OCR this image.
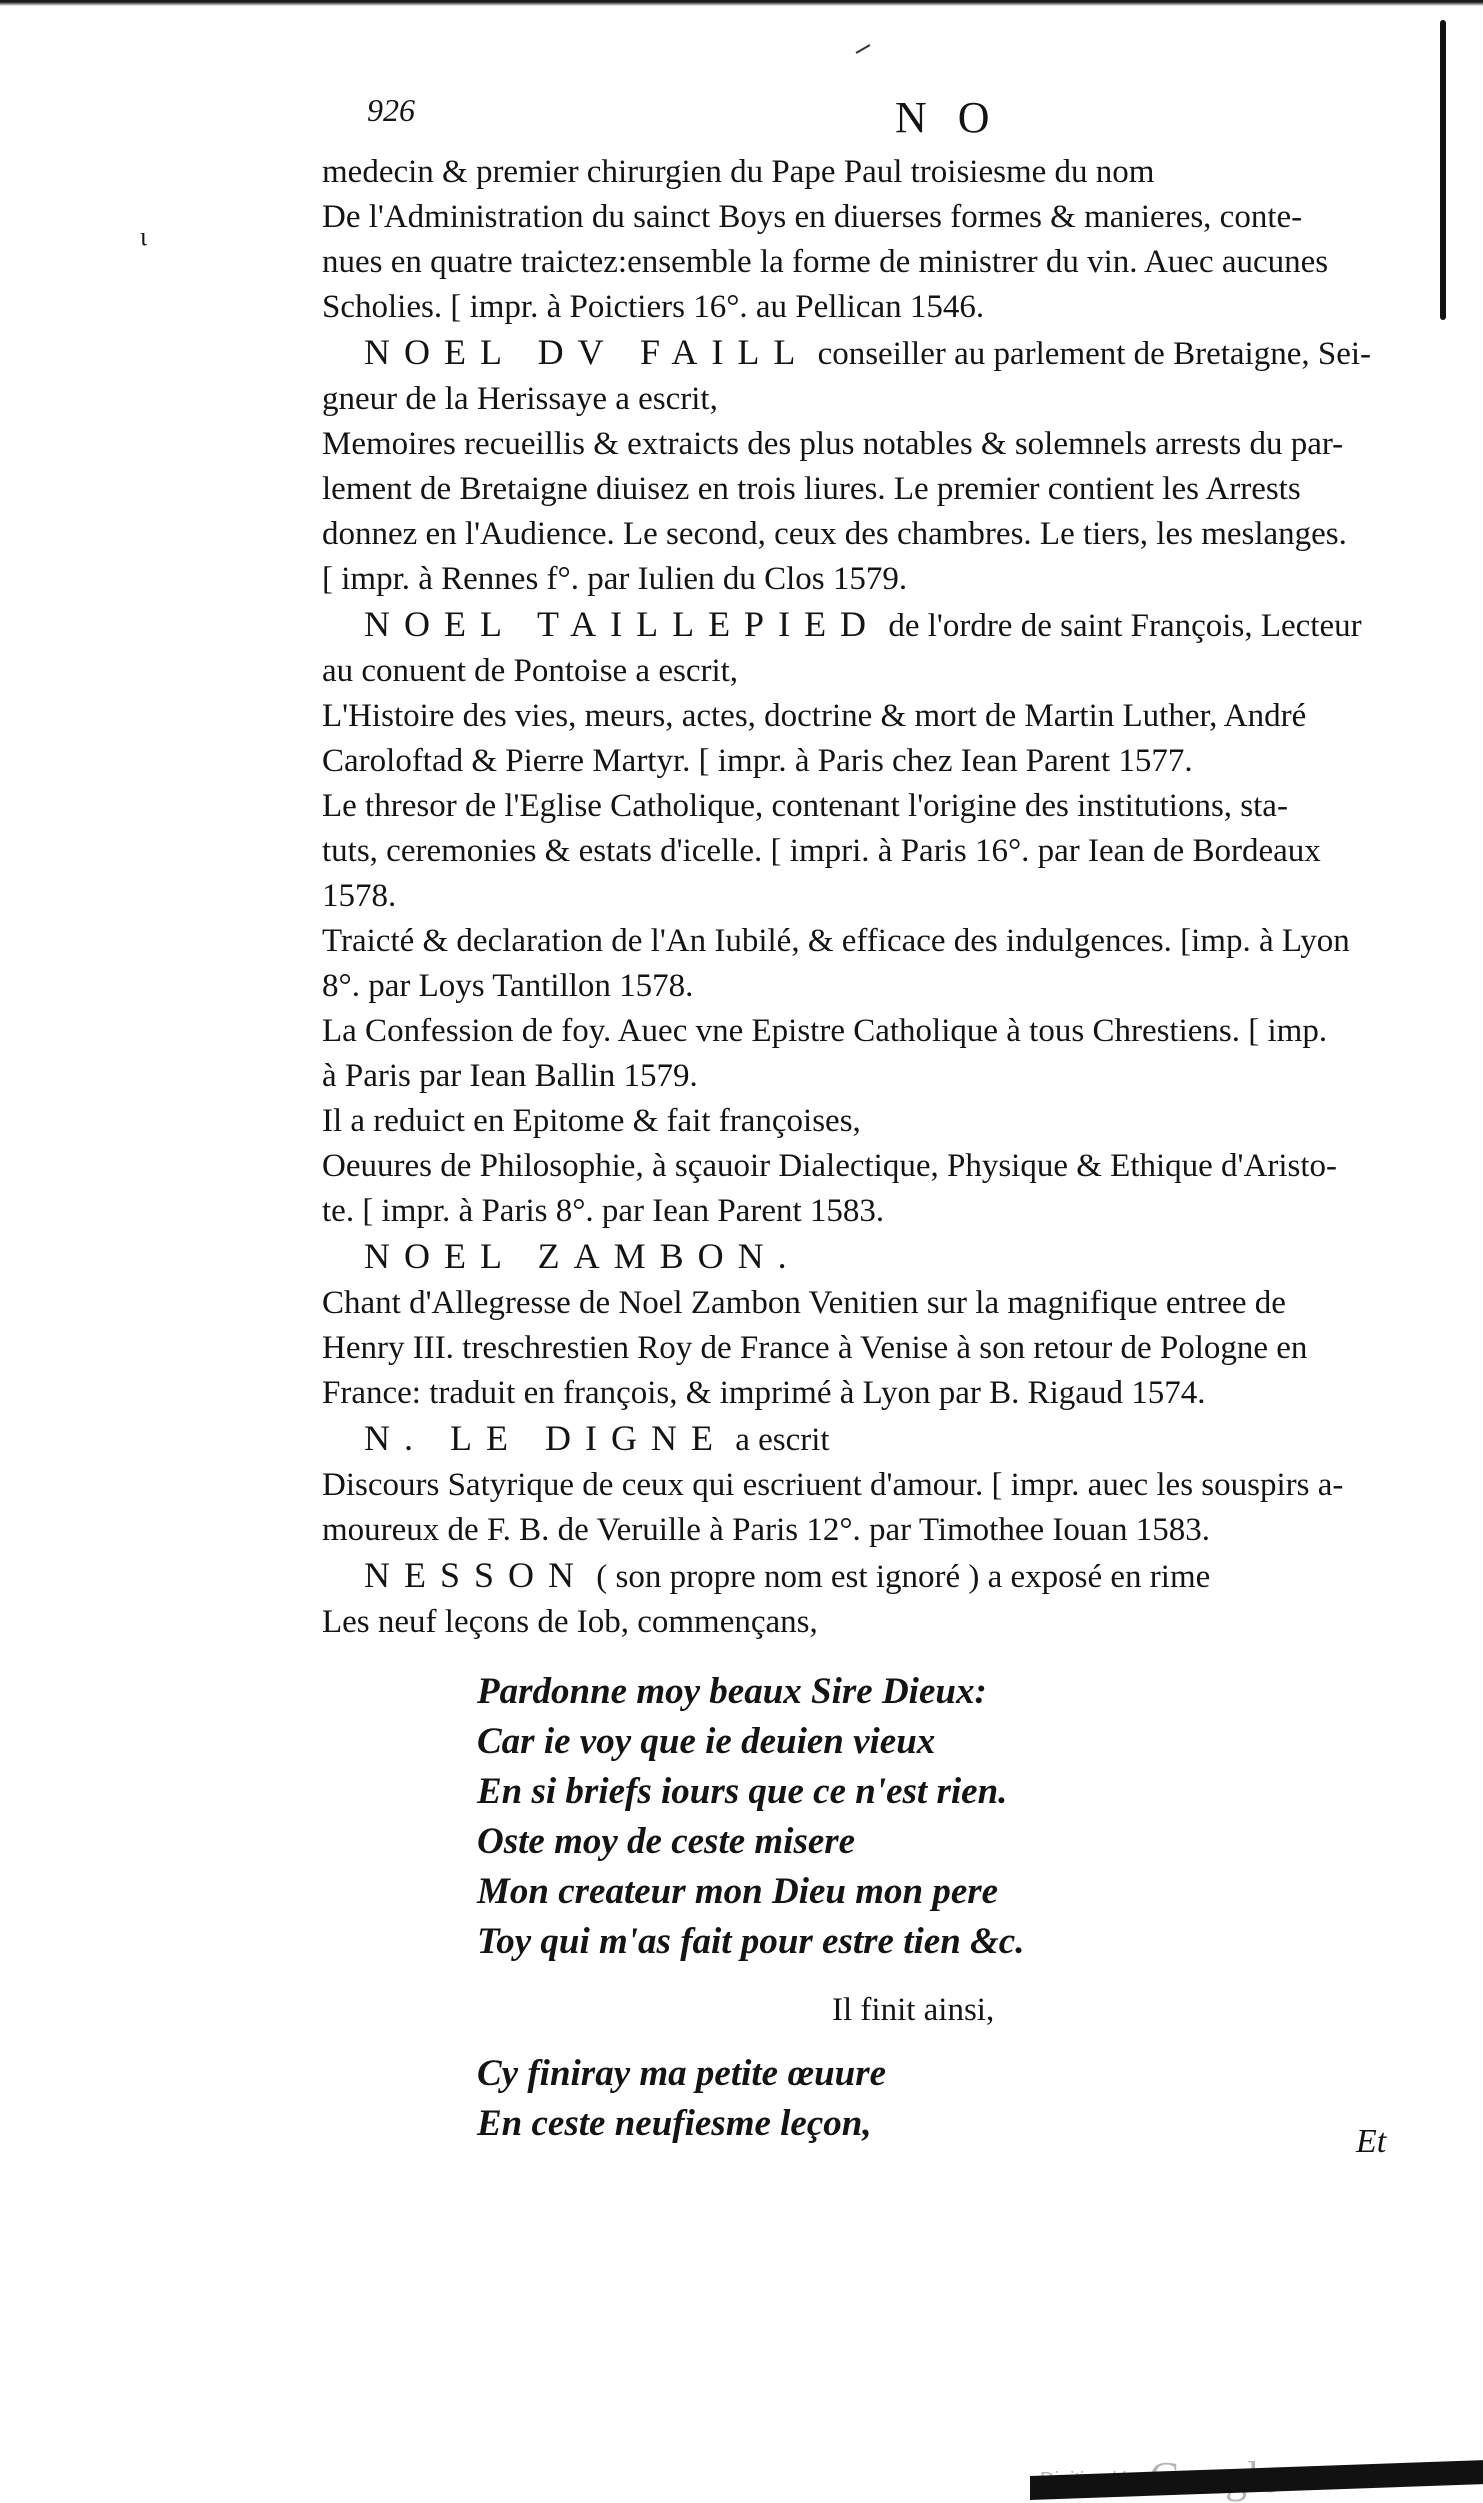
ι
926	N O
medecin & premier chirurgien du Pape Paul troisiesme du nom
De l'Administration du sainct Boys en diuerses formes & manieres, conte-
nues en quatre traictez:ensemble la forme de ministrer du vin. Auec aucunes
Scholies. [ impr. à Poictiers 16°. au Pellican 1546.
NOEL DV FAILL conseiller au parlement de Bretaigne, Sei-
gneur de la Herissaye a escrit,
Memoires recueillis & extraicts des plus notables & solemnels arrests du par-
lement de Bretaigne diuisez en trois liures. Le premier contient les Arrests
donnez en l'Audience. Le second, ceux des chambres. Le tiers, les meslanges.
[ impr. à Rennes f°. par Iulien du Clos 1579.
NOEL TAILLEPIED de l'ordre de saint François, Lecteur
au conuent de Pontoise a escrit,
L'Histoire des vies, meurs, actes, doctrine & mort de Martin Luther, André
Caroloftad & Pierre Martyr. [ impr. à Paris chez Iean Parent 1577.
Le thresor de l'Eglise Catholique, contenant l'origine des institutions, sta-
tuts, ceremonies & estats d'icelle. [ impri. à Paris 16°. par Iean de Bordeaux
1578.
Traicté & declaration de l'An Iubilé, & efficace des indulgences. [imp. à Lyon
8°. par Loys Tantillon 1578.
La Confession de foy. Auec vne Epistre Catholique à tous Chrestiens. [ imp.
à Paris par Iean Ballin 1579.
Il a reduict en Epitome & fait françoises,
Oeuures de Philosophie, à sçauoir Dialectique, Physique & Ethique d'Aristo-
te. [ impr. à Paris 8°. par Iean Parent 1583.
NOEL ZAMBON.
Chant d'Allegresse de Noel Zambon Venitien sur la magnifique entree de
Henry III. treschrestien Roy de France à Venise à son retour de Pologne en
France: traduit en françois, & imprimé à Lyon par B. Rigaud 1574.
N. LE DIGNE a escrit
Discours Satyrique de ceux qui escriuent d'amour. [ impr. auec les souspirs a-
moureux de F. B. de Veruille à Paris 12°. par Timothee Iouan 1583.
NESSON ( son propre nom est ignoré ) a exposé en rime
Les neuf leçons de Iob, commençans,
Pardonne moy beaux Sire Dieux:
Car ie voy que ie deuien vieux
En si briefs iours que ce n'est rien.
Oste moy de ceste misere
Mon createur mon Dieu mon pere
Toy qui m'as fait pour estre tien &c.
Il finit ainsi,
Cy finiray ma petite œuure
En ceste neufiesme leçon,	Et
